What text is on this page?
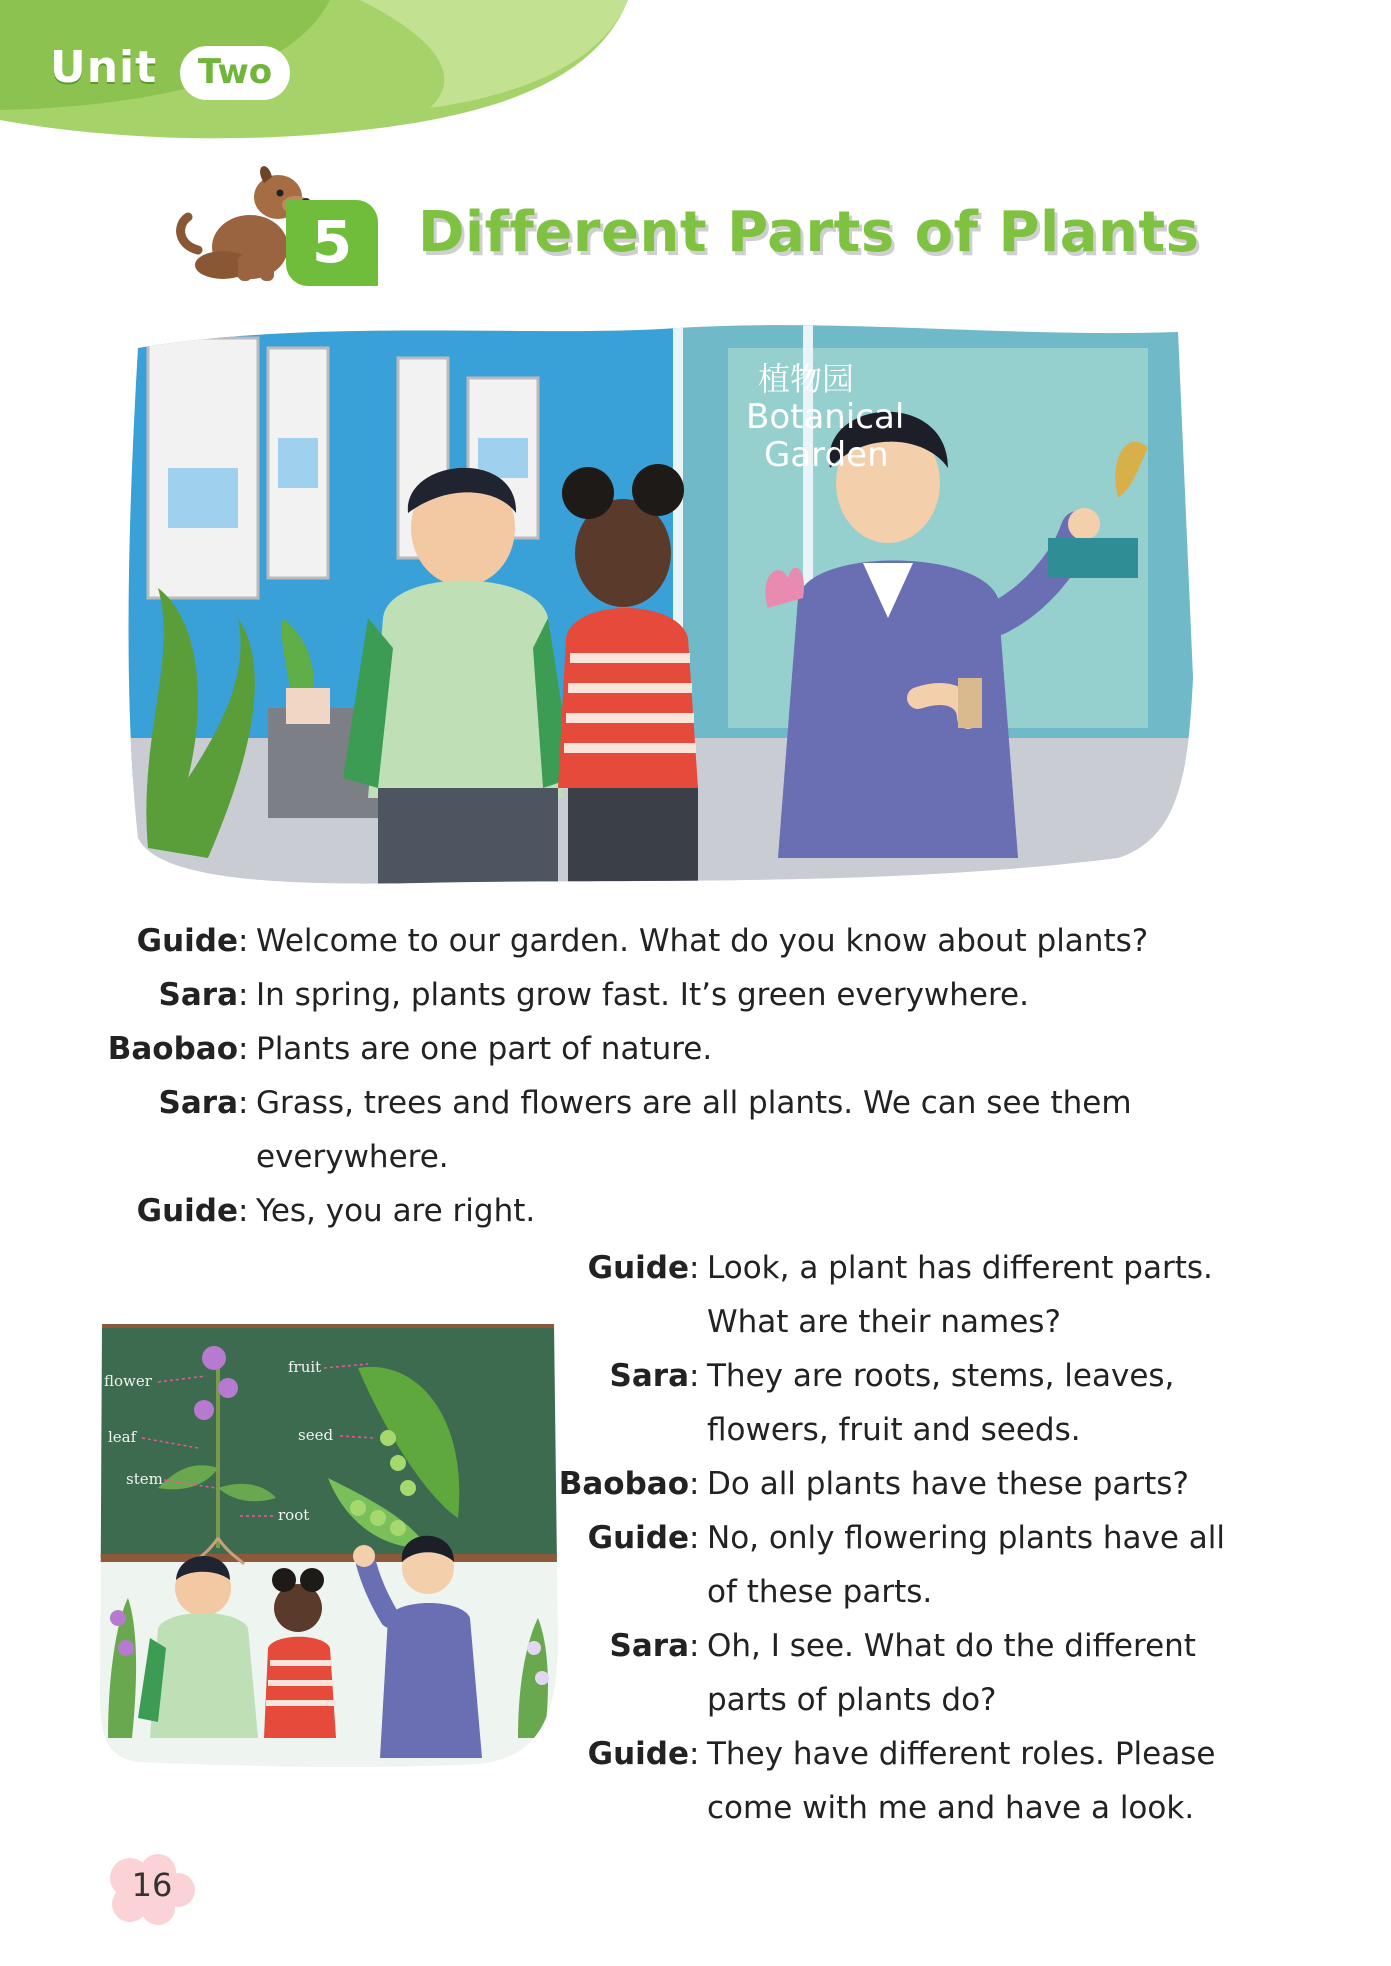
Unit	Two
5	Different Parts of Plants
植物园
Botanical
Garden
Guide : Welcome to our garden. What do you know about plants?
Sara : In spring, plants grow fast. It’s green everywhere.
Baobao : Plants are one part of nature.
Sara : Grass, trees and flowers are all plants. We can see them
everywhere.
Guide : Yes, you are right.
flower
fruit
leaf	seed
stem
root
Guide : Look, a plant has different parts.
What are their names?
Sara : They are roots, stems, leaves,
flowers, fruit and seeds.
Baobao : Do all plants have these parts?
Guide : No, only flowering plants have all
of these parts.
Sara : Oh, I see. What do the different
parts of plants do?
Guide : They have different roles. Please
come with me and have a look.
16
